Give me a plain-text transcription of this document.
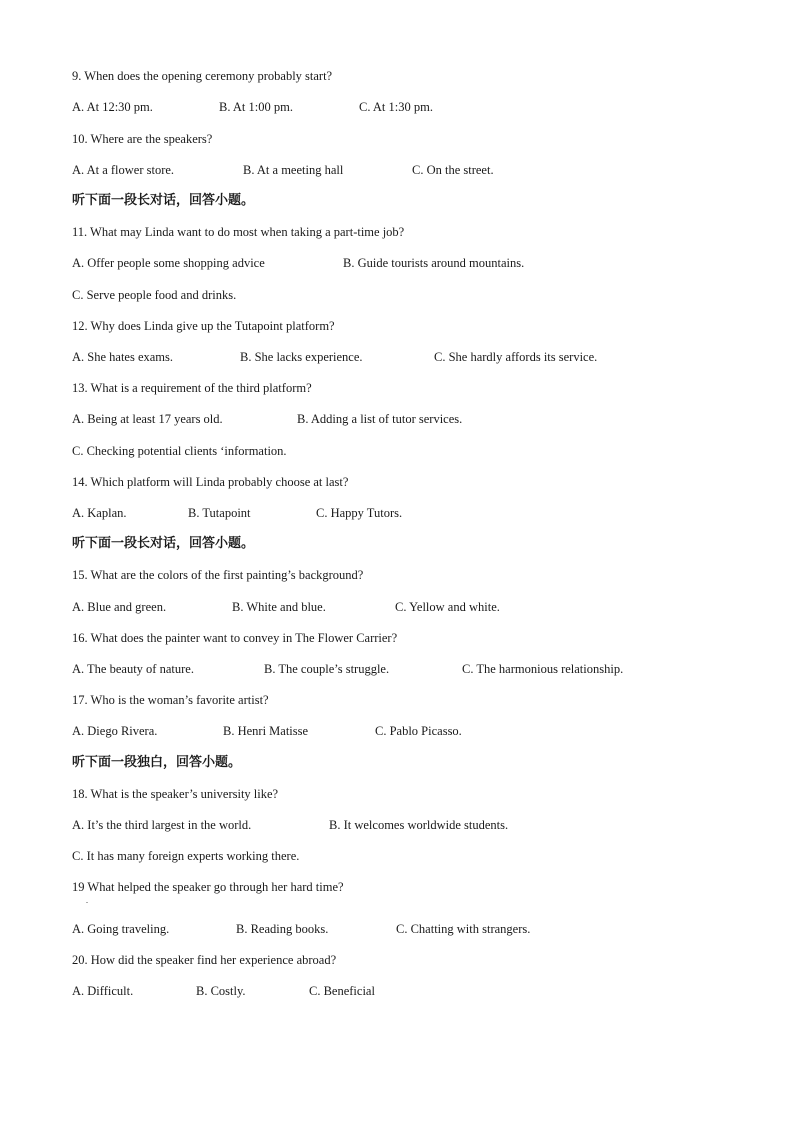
9. When does the opening ceremony probably start?
A. At 12:30 pm.	B. At 1:00 pm.	C. At 1:30 pm.
10. Where are the speakers?
A. At a flower store.	B. At a meeting hall	C. On the street.
听下面一段长对话，回答小题。
11. What may Linda want to do most when taking a part-time job?
A. Offer people some shopping advice	B. Guide tourists around mountains.
C. Serve people food and drinks.
12. Why does Linda give up the Tutapoint platform?
A. She hates exams.	B. She lacks experience.	C. She hardly affords its service.
13. What is a requirement of the third platform?
A. Being at least 17 years old.	B. Adding a list of tutor services.
C. Checking potential clients ‘information.
14. Which platform will Linda probably choose at last?
A. Kaplan.	B. Tutapoint	C. Happy Tutors.
听下面一段长对话，回答小题。
15. What are the colors of the first painting’s background?
A. Blue and green.	B. White and blue.	C. Yellow and white.
16. What does the painter want to convey in The Flower Carrier?
A. The beauty of nature.	B. The couple’s struggle.	C. The harmonious relationship.
17. Who is the woman’s favorite artist?
A. Diego Rivera.	B. Henri Matisse	C. Pablo Picasso.
听下面一段独白，回答小题。
18. What is the speaker’s university like?
A. It’s the third largest in the world.	B. It welcomes worldwide students.
C. It has many foreign experts working there.
19 What helped the speaker go through her hard time?
.
A. Going traveling.	B. Reading books.	C. Chatting with strangers.
20. How did the speaker find her experience abroad?
A. Difficult.	B. Costly.	C. Beneficial
